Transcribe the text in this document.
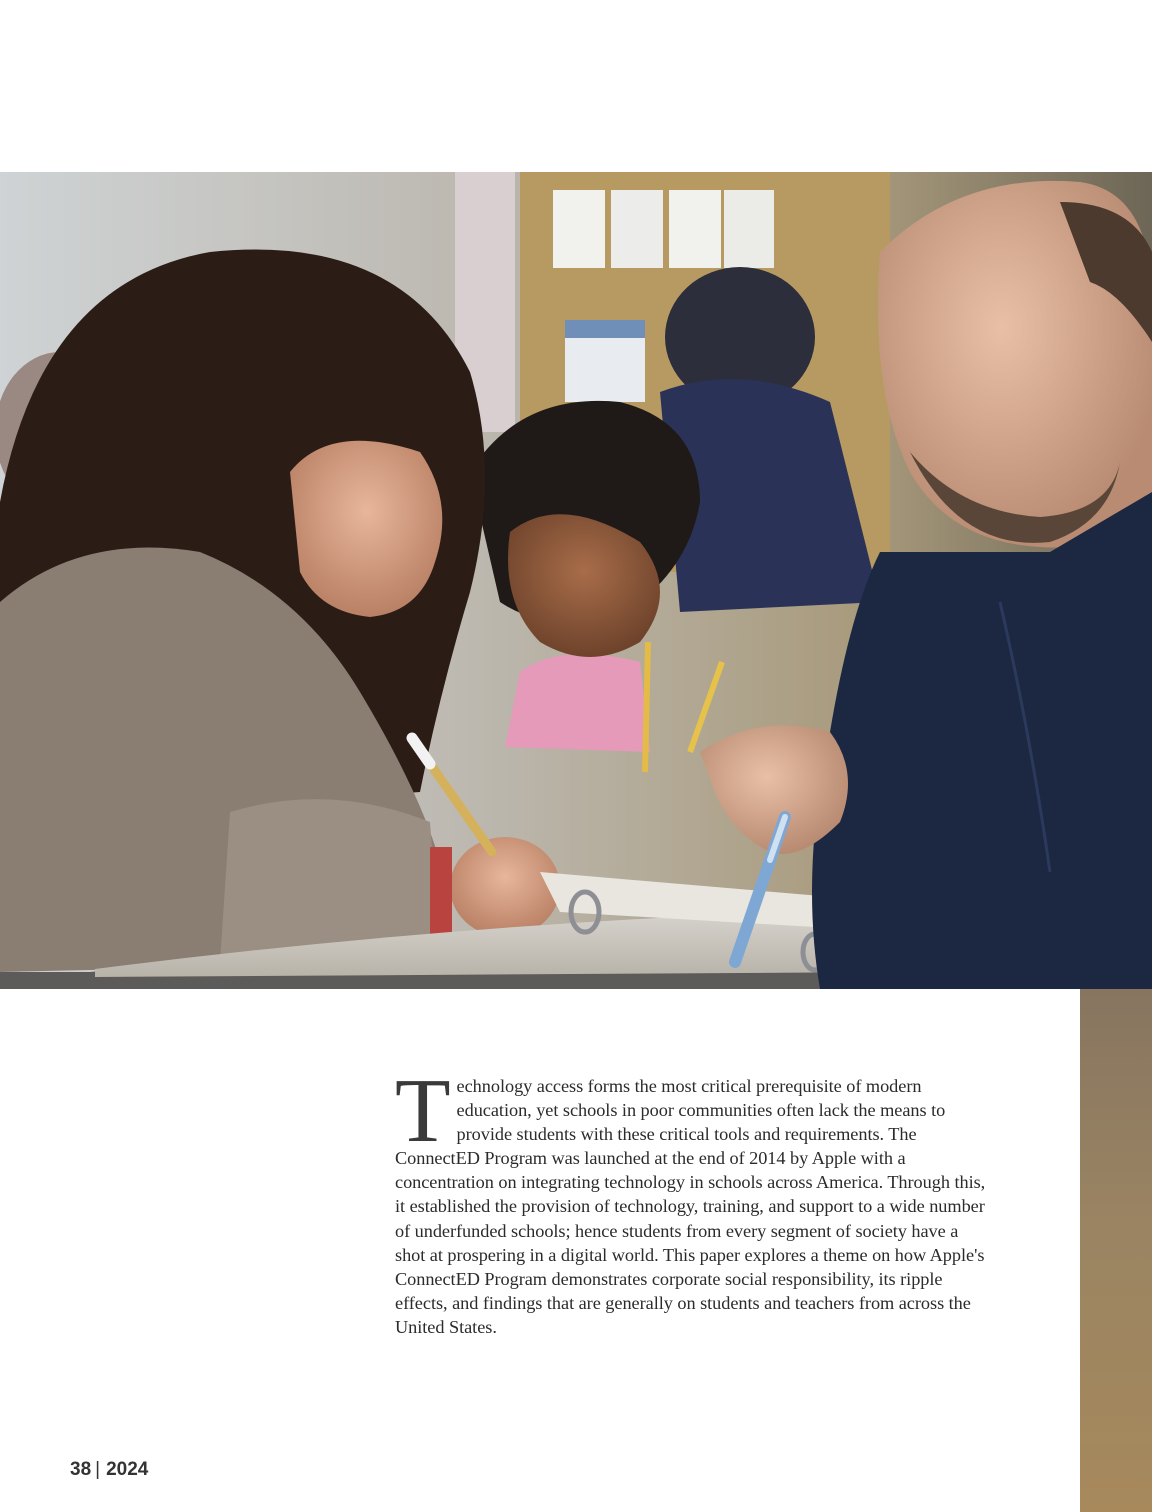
Technology access forms the most critical prerequisite of modern education, yet schools in poor communities often lack the means to provide students with these critical tools and requirements. The ConnectED Program was launched at the end of 2014 by Apple with a concentration on integrating technology in schools across America. Through this, it established the provision of technology, training, and support to a wide number of underfunded schools; hence students from every segment of society have a shot at prospering in a digital world. This paper explores a theme on how Apple's ConnectED Program demonstrates corporate social responsibility, its ripple effects, and findings that are generally on students and teachers from across the United States.
38 | 2024
